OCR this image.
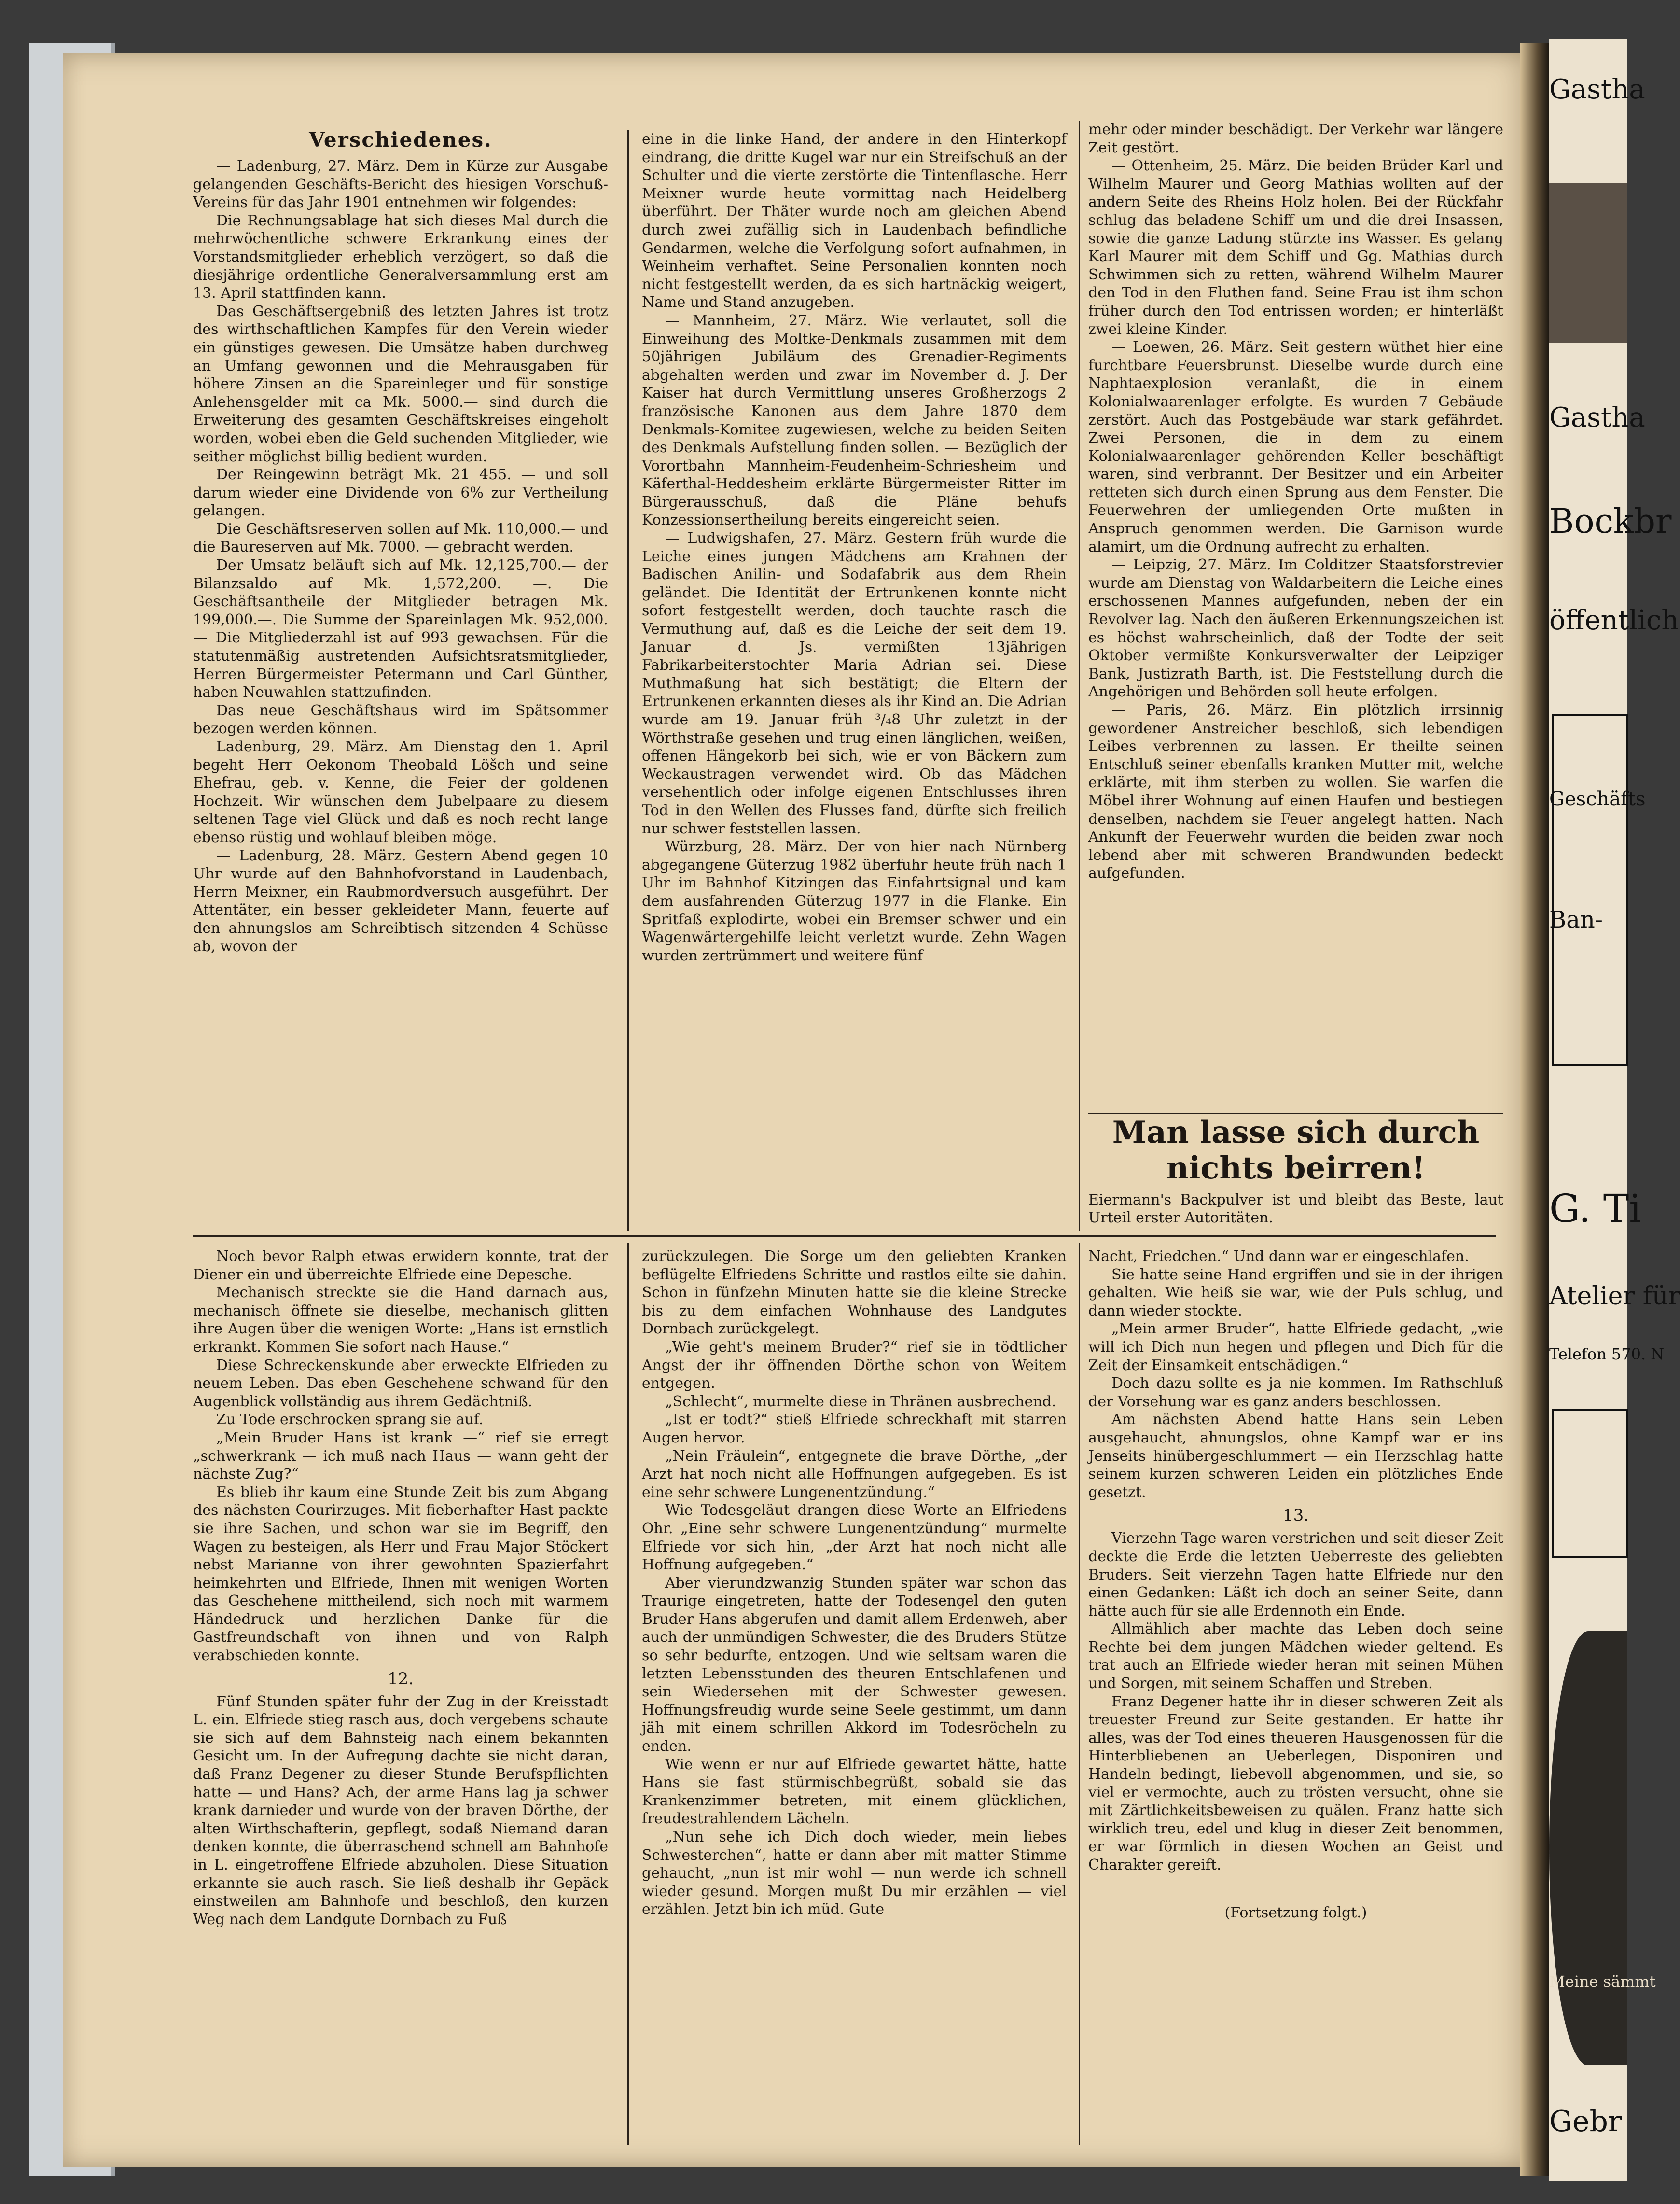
Verschiedenes.

— Ladenburg, 27. März. Dem in Kürze zur Ausgabe gelangenden Geschäfts-Bericht des hiesigen Vorschuß-Vereins für das Jahr 1901 entnehmen wir folgendes:

Die Rechnungsablage hat sich dieses Mal durch die mehrwöchentliche schwere Erkrankung eines der Vorstandsmitglieder erheblich verzögert, so daß die diesjährige ordentliche Generalversammlung erst am 13. April stattfinden kann.

Das Geschäftsergebniß des letzten Jahres ist trotz des wirthschaftlichen Kampfes für den Verein wieder ein günstiges gewesen. Die Umsätze haben durchweg an Umfang gewonnen und die Mehrausgaben für höhere Zinsen an die Spareinleger und für sonstige Anlehensgelder mit ca Mk. 5000.— sind durch die Erweiterung des gesamten Geschäftskreises eingeholt worden, wobei eben die Geld suchenden Mitglieder, wie seither möglichst billig bedient wurden.

Der Reingewinn beträgt Mk. 21 455. — und soll darum wieder eine Dividende von 6% zur Vertheilung gelangen.

Die Geschäftsreserven sollen auf Mk. 110,000.— und die Baureserven auf Mk. 7000. — gebracht werden.

Der Umsatz beläuft sich auf Mk. 12,125,700.— der Bilanzsaldo auf Mk. 1,572,200. —. Die Geschäftsantheile der Mitglieder betragen Mk. 199,000.—. Die Summe der Spareinlagen Mk. 952,000. — Die Mitgliederzahl ist auf 993 gewachsen. Für die statutenmäßig austretenden Aufsichtsratsmitglieder, Herren Bürgermeister Petermann und Carl Günther, haben Neuwahlen stattzufinden.

Das neue Geschäftshaus wird im Spätsommer bezogen werden können.

Ladenburg, 29. März. Am Dienstag den 1. April begeht Herr Oekonom Theobald Löšch und seine Ehefrau, geb. v. Kenne, die Feier der goldenen Hochzeit. Wir wünschen dem Jubelpaare zu diesem seltenen Tage viel Glück und daß es noch recht lange ebenso rüstig und wohlauf bleiben möge.

— Ladenburg, 28. März. Gestern Abend gegen 10 Uhr wurde auf den Bahnhofvorstand in Laudenbach, Herrn Meixner, ein Raubmordversuch ausgeführt. Der Attentäter, ein besser gekleideter Mann, feuerte auf den ahnungslos am Schreibtisch sitzenden 4 Schüsse ab, wovon der

eine in die linke Hand, der andere in den Hinterkopf eindrang, die dritte Kugel war nur ein Streifschuß an der Schulter und die vierte zerstörte die Tintenflasche. Herr Meixner wurde heute vormittag nach Heidelberg überführt. Der Thäter wurde noch am gleichen Abend durch zwei zufällig sich in Laudenbach befindliche Gendarmen, welche die Verfolgung sofort aufnahmen, in Weinheim verhaftet. Seine Personalien konnten noch nicht festgestellt werden, da es sich hartnäckig weigert, Name und Stand anzugeben.

— Mannheim, 27. März. Wie verlautet, soll die Einweihung des Moltke-Denkmals zusammen mit dem 50jährigen Jubiläum des Grenadier-Regiments abgehalten werden und zwar im November d. J. Der Kaiser hat durch Vermittlung unseres Großherzogs 2 französische Kanonen aus dem Jahre 1870 dem Denkmals-Komitee zugewiesen, welche zu beiden Seiten des Denkmals Aufstellung finden sollen. — Bezüglich der Vorortbahn Mannheim-Feudenheim-Schriesheim und Käferthal-Heddesheim erklärte Bürgermeister Ritter im Bürgerausschuß, daß die Pläne behufs Konzessionsertheilung bereits eingereicht seien.

— Ludwigshafen, 27. März. Gestern früh wurde die Leiche eines jungen Mädchens am Krahnen der Badischen Anilin- und Sodafabrik aus dem Rhein geländet. Die Identität der Ertrunkenen konnte nicht sofort festgestellt werden, doch tauchte rasch die Vermuthung auf, daß es die Leiche der seit dem 19. Januar d. Js. vermißten 13jährigen Fabrikarbeiterstochter Maria Adrian sei. Diese Muthmaßung hat sich bestätigt; die Eltern der Ertrunkenen erkannten dieses als ihr Kind an. Die Adrian wurde am 19. Januar früh ³/₄8 Uhr zuletzt in der Wörthstraße gesehen und trug einen länglichen, weißen, offenen Hängekorb bei sich, wie er von Bäckern zum Weckaustragen verwendet wird. Ob das Mädchen versehentlich oder infolge eigenen Entschlusses ihren Tod in den Wellen des Flusses fand, dürfte sich freilich nur schwer feststellen lassen.

Würzburg, 28. März. Der von hier nach Nürnberg abgegangene Güterzug 1982 überfuhr heute früh nach 1 Uhr im Bahnhof Kitzingen das Einfahrtsignal und kam dem ausfahrenden Güterzug 1977 in die Flanke. Ein Spritfaß explodirte, wobei ein Bremser schwer und ein Wagenwärtergehilfe leicht verletzt wurde. Zehn Wagen wurden zertrümmert und weitere fünf

mehr oder minder beschädigt. Der Verkehr war längere Zeit gestört.

— Ottenheim, 25. März. Die beiden Brüder Karl und Wilhelm Maurer und Georg Mathias wollten auf der andern Seite des Rheins Holz holen. Bei der Rückfahr schlug das beladene Schiff um und die drei Insassen, sowie die ganze Ladung stürzte ins Wasser. Es gelang Karl Maurer mit dem Schiff und Gg. Mathias durch Schwimmen sich zu retten, während Wilhelm Maurer den Tod in den Fluthen fand. Seine Frau ist ihm schon früher durch den Tod entrissen worden; er hinterläßt zwei kleine Kinder.

— Loewen, 26. März. Seit gestern wüthet hier eine furchtbare Feuersbrunst. Dieselbe wurde durch eine Naphtaexplosion veranlaßt, die in einem Kolonialwaarenlager erfolgte. Es wurden 7 Gebäude zerstört. Auch das Postgebäude war stark gefährdet. Zwei Personen, die in dem zu einem Kolonialwaarenlager gehörenden Keller beschäftigt waren, sind verbrannt. Der Besitzer und ein Arbeiter retteten sich durch einen Sprung aus dem Fenster. Die Feuerwehren der umliegenden Orte mußten in Anspruch genommen werden. Die Garnison wurde alamirt, um die Ordnung aufrecht zu erhalten.

— Leipzig, 27. März. Im Colditzer Staatsforstrevier wurde am Dienstag von Waldarbeitern die Leiche eines erschossenen Mannes aufgefunden, neben der ein Revolver lag. Nach den äußeren Erkennungszeichen ist es höchst wahrscheinlich, daß der Todte der seit Oktober vermißte Konkursverwalter der Leipziger Bank, Justizrath Barth, ist. Die Feststellung durch die Angehörigen und Behörden soll heute erfolgen.

— Paris, 26. März. Ein plötzlich irrsinnig gewordener Anstreicher beschloß, sich lebendigen Leibes verbrennen zu lassen. Er theilte seinen Entschluß seiner ebenfalls kranken Mutter mit, welche erklärte, mit ihm sterben zu wollen. Sie warfen die Möbel ihrer Wohnung auf einen Haufen und bestiegen denselben, nachdem sie Feuer angelegt hatten. Nach Ankunft der Feuerwehr wurden die beiden zwar noch lebend aber mit schweren Brandwunden bedeckt aufgefunden.

Man lasse sich durch nichts beirren!
Eiermann's Backpulver ist und bleibt das Beste, laut Urteil erster Autoritäten.

Noch bevor Ralph etwas erwidern konnte, trat der Diener ein und überreichte Elfriede eine Depesche.

Mechanisch streckte sie die Hand darnach aus, mechanisch öffnete sie dieselbe, mechanisch glitten ihre Augen über die wenigen Worte: „Hans ist ernstlich erkrankt. Kommen Sie sofort nach Hause.“

Diese Schreckenskunde aber erweckte Elfrieden zu neuem Leben. Das eben Geschehene schwand für den Augenblick vollständig aus ihrem Gedächtniß.

Zu Tode erschrocken sprang sie auf.

„Mein Bruder Hans ist krank —“ rief sie erregt „schwerkrank — ich muß nach Haus — wann geht der nächste Zug?“

Es blieb ihr kaum eine Stunde Zeit bis zum Abgang des nächsten Courirzuges. Mit fieberhafter Hast packte sie ihre Sachen, und schon war sie im Begriff, den Wagen zu besteigen, als Herr und Frau Major Stöckert nebst Marianne von ihrer gewohnten Spazierfahrt heimkehrten und Elfriede, Ihnen mit wenigen Worten das Geschehene mittheilend, sich noch mit warmem Händedruck und herzlichen Danke für die Gastfreundschaft von ihnen und von Ralph verabschieden konnte.

12.

Fünf Stunden später fuhr der Zug in der Kreisstadt L. ein. Elfriede stieg rasch aus, doch vergebens schaute sie sich auf dem Bahnsteig nach einem bekannten Gesicht um. In der Aufregung dachte sie nicht daran, daß Franz Degener zu dieser Stunde Berufspflichten hatte — und Hans? Ach, der arme Hans lag ja schwer krank darnieder und wurde von der braven Dörthe, der alten Wirthschafterin, gepflegt, sodaß Niemand daran denken konnte, die überraschend schnell am Bahnhofe in L. eingetroffene Elfriede abzuholen. Diese Situation erkannte sie auch rasch. Sie ließ deshalb ihr Gepäck einstweilen am Bahnhofe und beschloß, den kurzen Weg nach dem Landgute Dornbach zu Fuß

zurückzulegen. Die Sorge um den geliebten Kranken beflügelte Elfriedens Schritte und rastlos eilte sie dahin. Schon in fünfzehn Minuten hatte sie die kleine Strecke bis zu dem einfachen Wohnhause des Landgutes Dornbach zurückgelegt.

„Wie geht's meinem Bruder?“ rief sie in tödtlicher Angst der ihr öffnenden Dörthe schon von Weitem entgegen.

„Schlecht“, murmelte diese in Thränen ausbrechend.

„Ist er todt?“ stieß Elfriede schreckhaft mit starren Augen hervor.

„Nein Fräulein“, entgegnete die brave Dörthe, „der Arzt hat noch nicht alle Hoffnungen aufgegeben. Es ist eine sehr schwere Lungenentzündung.“

Wie Todesgeläut drangen diese Worte an Elfriedens Ohr. „Eine sehr schwere Lungenentzündung“ murmelte Elfriede vor sich hin, „der Arzt hat noch nicht alle Hoffnung aufgegeben.“

Aber vierundzwanzig Stunden später war schon das Traurige eingetreten, hatte der Todesengel den guten Bruder Hans abgerufen und damit allem Erdenweh, aber auch der unmündigen Schwester, die des Bruders Stütze so sehr bedurfte, entzogen. Und wie seltsam waren die letzten Lebensstunden des theuren Entschlafenen und sein Wiedersehen mit der Schwester gewesen. Hoffnungsfreudig wurde seine Seele gestimmt, um dann jäh mit einem schrillen Akkord im Todesröcheln zu enden.

Wie wenn er nur auf Elfriede gewartet hätte, hatte Hans sie fast stürmischbegrüßt, sobald sie das Krankenzimmer betreten, mit einem glücklichen, freudestrahlendem Lächeln.

„Nun sehe ich Dich doch wieder, mein liebes Schwesterchen“, hatte er dann aber mit matter Stimme gehaucht, „nun ist mir wohl — nun werde ich schnell wieder gesund. Morgen mußt Du mir erzählen — viel erzählen. Jetzt bin ich müd. Gute

Nacht, Friedchen.“ Und dann war er eingeschlafen.

Sie hatte seine Hand ergriffen und sie in der ihrigen gehalten. Wie heiß sie war, wie der Puls schlug, und dann wieder stockte.

„Mein armer Bruder“, hatte Elfriede gedacht, „wie will ich Dich nun hegen und pflegen und Dich für die Zeit der Einsamkeit entschädigen.“

Doch dazu sollte es ja nie kommen. Im Rathschluß der Vorsehung war es ganz anders beschlossen.

Am nächsten Abend hatte Hans sein Leben ausgehaucht, ahnungslos, ohne Kampf war er ins Jenseits hinübergeschlummert — ein Herzschlag hatte seinem kurzen schweren Leiden ein plötzliches Ende gesetzt.

13.

Vierzehn Tage waren verstrichen und seit dieser Zeit deckte die Erde die letzten Ueberreste des geliebten Bruders. Seit vierzehn Tagen hatte Elfriede nur den einen Gedanken: Läßt ich doch an seiner Seite, dann hätte auch für sie alle Erdennoth ein Ende.

Allmählich aber machte das Leben doch seine Rechte bei dem jungen Mädchen wieder geltend. Es trat auch an Elfriede wieder heran mit seinen Mühen und Sorgen, mit seinem Schaffen und Streben.

Franz Degener hatte ihr in dieser schweren Zeit als treuester Freund zur Seite gestanden. Er hatte ihr alles, was der Tod eines theueren Hausgenossen für die Hinterbliebenen an Ueberlegen, Disponiren und Handeln bedingt, liebevoll abgenommen, und sie, so viel er vermochte, auch zu trösten versucht, ohne sie mit Zärtlichkeitsbeweisen zu quälen. Franz hatte sich wirklich treu, edel und klug in dieser Zeit benommen, er war förmlich in diesen Wochen an Geist und Charakter gereift.

(Fortsetzung folgt.)
Gastha
Gastha
Bockbr
öffentlich
Geschäfts
Ban-
G. Ti
Atelier für
Telefon 570. N
Meine sämmt
Gebr
